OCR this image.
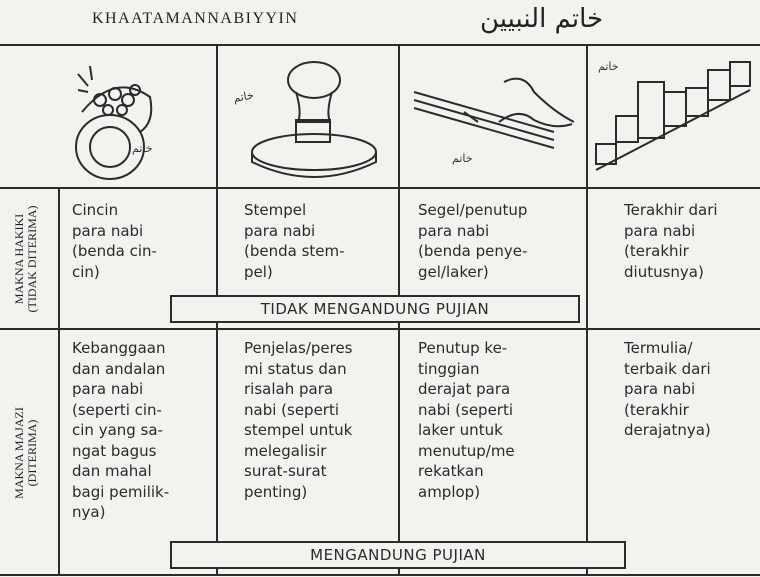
KHAATAMANNABIYYIN	خاتم النبيين
خاتم
خاتم
خاتم
خاتم
MAKNA HAKIKI
(TIDAK DITERIMA)
MAKNA MAJAZI
(DITERIMA)
Cincin
para nabi
(benda cin-
cin)
Stempel
para nabi
(benda stem-
pel)
Segel/penutup
para nabi
(benda penye-
gel/laker)
Terakhir dari
para nabi
(terakhir
diutusnya)
TIDAK MENGANDUNG PUJIAN
Kebanggaan
dan andalan
para nabi
(seperti cin-
cin yang sa-
ngat bagus
dan mahal
bagi pemilik-
nya)
Penjelas/peres
mi status dan
risalah para
nabi (seperti
stempel untuk
melegalisir
surat-surat
penting)
Penutup ke-
tinggian
derajat para
nabi (seperti
laker untuk
menutup/me
rekatkan
amplop)
Termulia/
terbaik dari
para nabi
(terakhir
derajatnya)
MENGANDUNG PUJIAN
